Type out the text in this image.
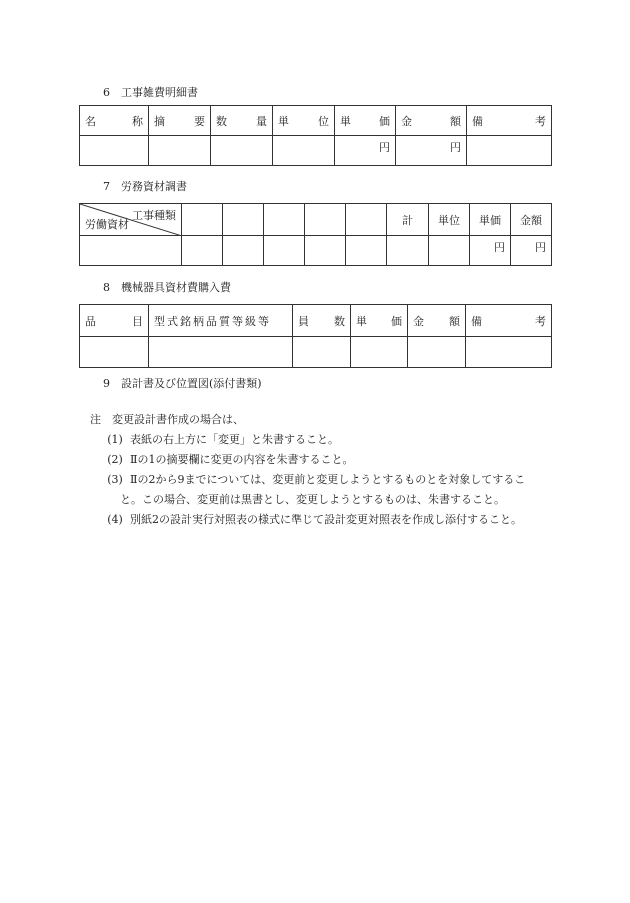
6　工事雑費明細書
名 称	摘 要	数 量	単 位	単 価	金 額	備 考

				円	円	
7　労務資材調書
工事種類
労働資材						計	単位	単価	金額
								円	円
8　機械器具資材費購入費
品 目	型式銘柄品質等級等	員 数	単 価	金 額	備 考

9　設計書及び位置図(添付書類)
注　変更設計書作成の場合は、
(1) 表紙の右上方に「変更」と朱書すること。
(2) Ⅱの1の摘要欄に変更の内容を朱書すること。
(3) Ⅱの2から9までについては、変更前と変更しようとするものとを対象してするこ
と。この場合、変更前は黒書とし、変更しようとするものは、朱書すること。
(4) 別紙2の設計実行対照表の様式に準じて設計変更対照表を作成し添付すること。
